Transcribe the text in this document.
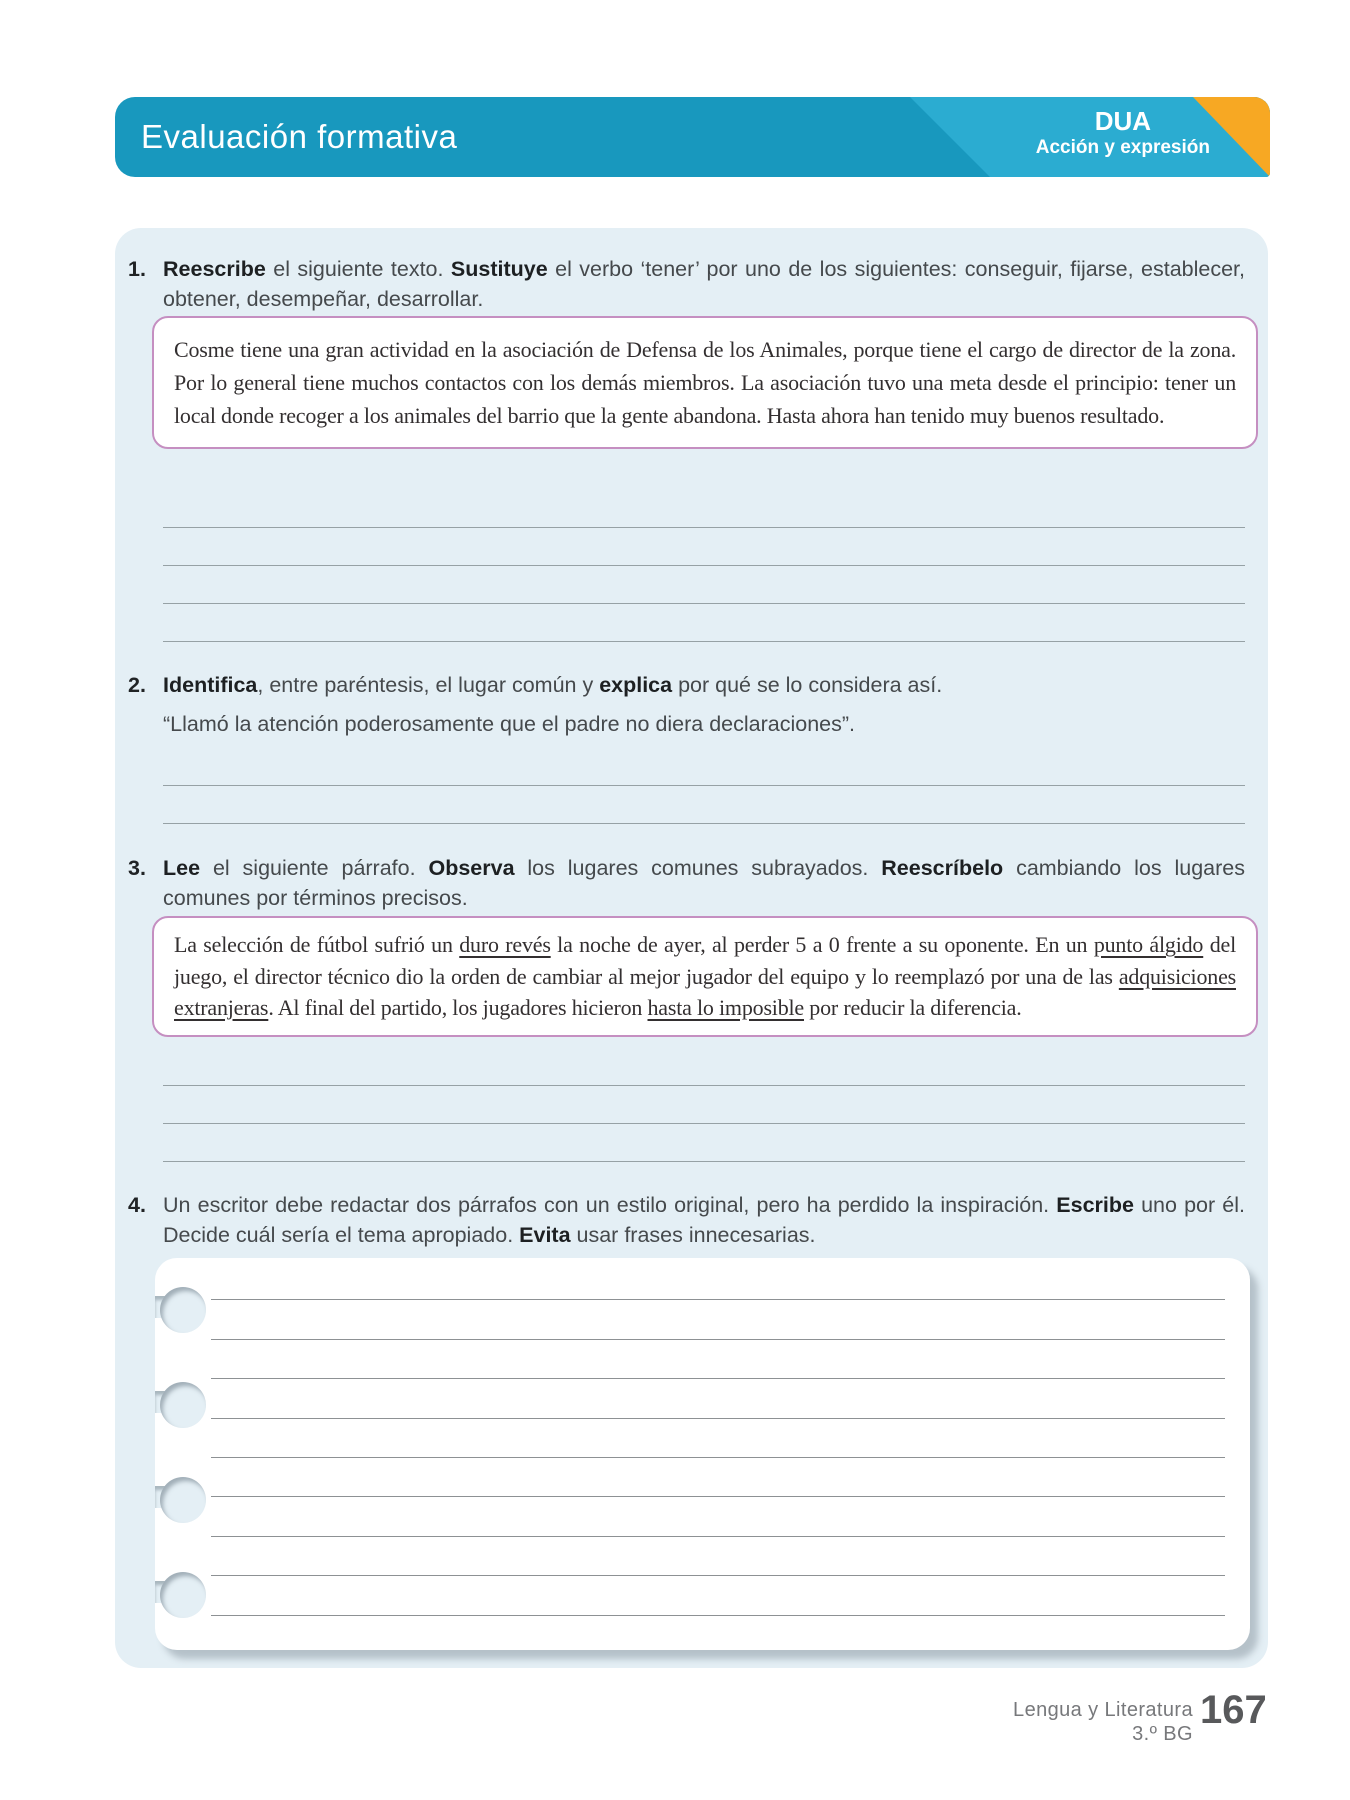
Evaluación formativa	DUA
Acción y expresión
1. Reescribe el siguiente texto. Sustituye el verbo ‘tener’ por uno de los siguientes: conseguir, fijarse, establecer, obtener, desempeñar, desarrollar.
Cosme tiene una gran actividad en la asociación de Defensa de los Animales, porque tiene el cargo de director de la zona. Por lo general tiene muchos contactos con los demás miembros. La asociación tuvo una meta desde el principio: tener un local donde recoger a los animales del barrio que la gente abandona. Hasta ahora han tenido muy buenos resultado.
2. Identifica, entre paréntesis, el lugar común y explica por qué se lo considera así.
“Llamó la atención poderosamente que el padre no diera declaraciones”.
3. Lee el siguiente párrafo. Observa los lugares comunes subrayados. Reescríbelo cambiando los lugares comunes por términos precisos.
La selección de fútbol sufrió un duro revés la noche de ayer, al perder 5 a 0 frente a su oponente. En un punto álgido del juego, el director técnico dio la orden de cambiar al mejor jugador del equipo y lo reemplazó por una de las adquisiciones extranjeras. Al final del partido, los jugadores hicieron hasta lo imposible por reducir la diferencia.
4. Un escritor debe redactar dos párrafos con un estilo original, pero ha perdido la inspiración. Escribe uno por él. Decide cuál sería el tema apropiado. Evita usar frases innecesarias.
Lengua y Literatura
3.º BG
167
